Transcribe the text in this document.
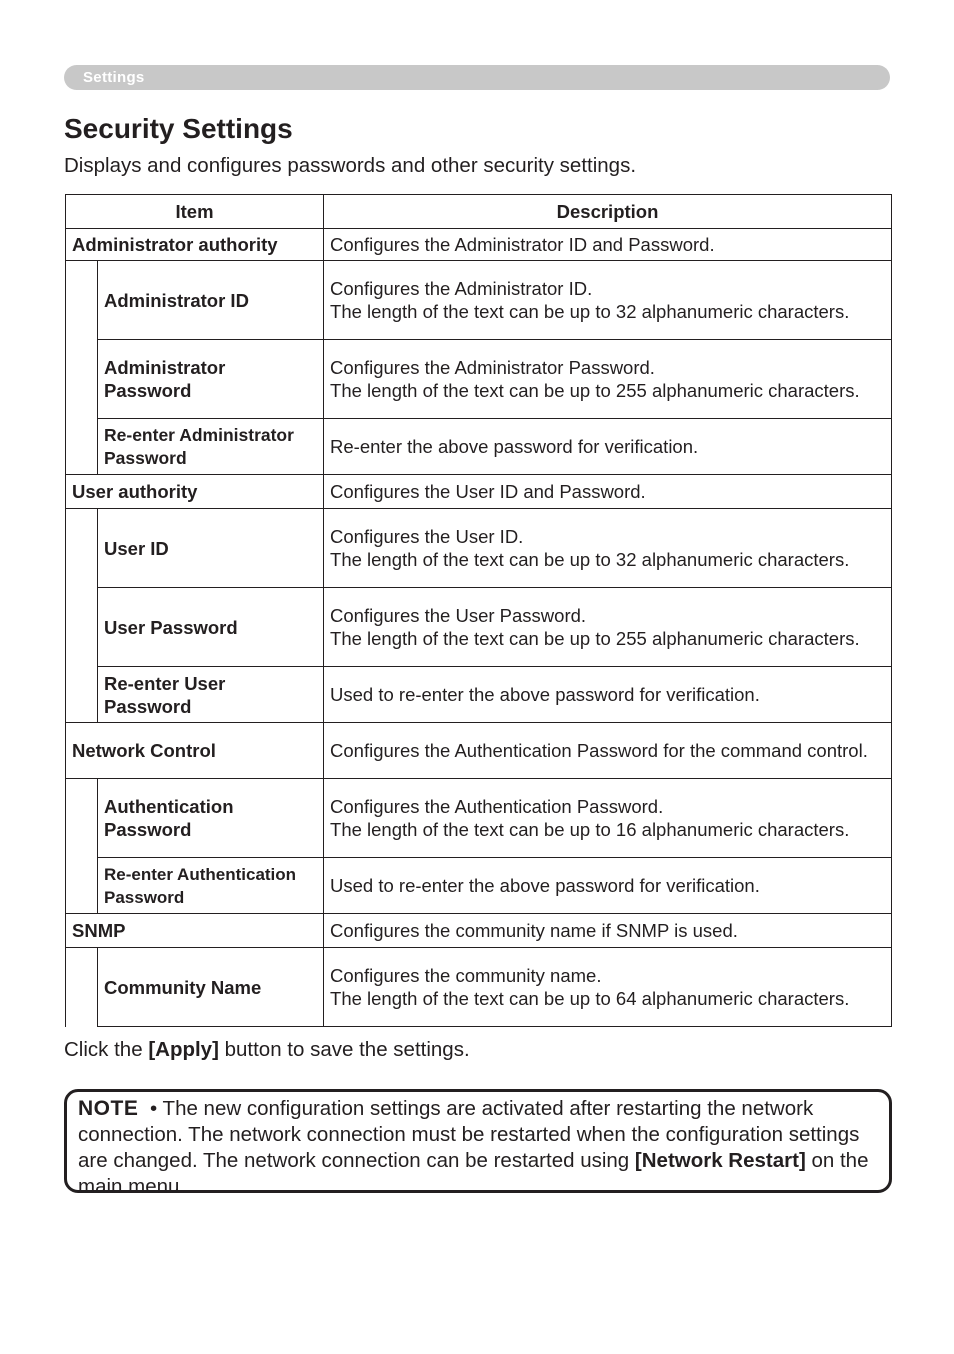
Settings
Security Settings

Displays and configures passwords and other security settings.

Item		Description
Administrator authority		Configures the Administrator ID and Password.
	Administrator ID	Configures the Administrator ID.
The length of the text can be up to 32 alphanumeric characters.
	Administrator Password	Configures the Administrator Password.
The length of the text can be up to 255 alphanumeric characters.
	Re-enter Administrator Password	Re-enter the above password for verification.
User authority		Configures the User ID and Password.
	User ID	Configures the User ID.
The length of the text can be up to 32 alphanumeric characters.
	User Password	Configures the User Password.
The length of the text can be up to 255 alphanumeric characters.
	Re-enter User Password	Used to re-enter the above password for verification.
Network Control		Configures the Authentication Password for the command control.
	Authentication Password	Configures the Authentication Password.
The length of the text can be up to 16 alphanumeric characters.
	Re-enter Authentication Password	Used to re-enter the above password for verification.
SNMP		Configures the community name if SNMP is used.
	Community Name	Configures the community name.
The length of the text can be up to 64 alphanumeric characters.

Click the [Apply] button to save the settings.

NOTE • The new configuration settings are activated after restarting the network connection. The network connection must be restarted when the configuration settings are changed. The network connection can be restarted using [Network Restart] on the main menu.
